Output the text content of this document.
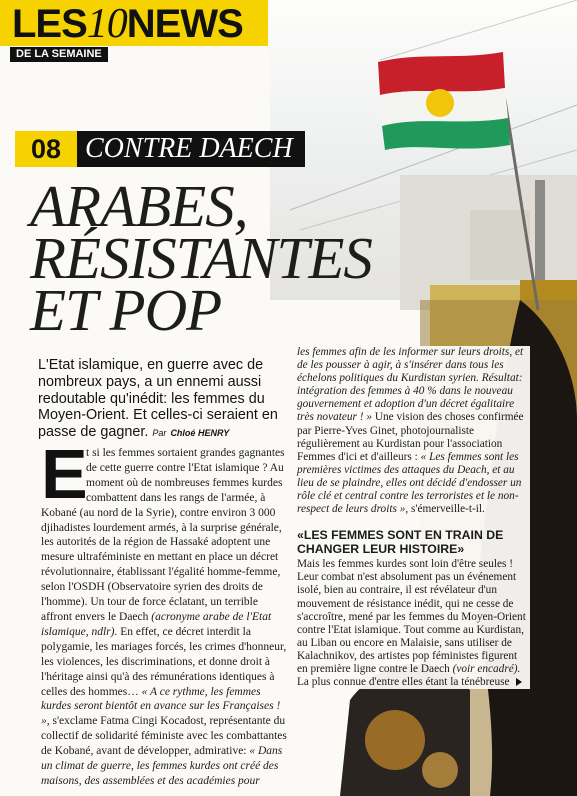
LES10NEWS
DE LA SEMAINE
08 CONTRE DAECH
ARABES,
RÉSISTANTES
ET POP
L'Etat islamique, en guerre avec de nombreux pays, a un ennemi aussi redoutable qu'inédit: les femmes du Moyen-Orient. Et celles-ci seraient en passe de gagner. Par Chloé HENRY
E

t si les femmes sortaient grandes gagnantes de cette guerre contre l'Etat islamique ? Au moment où de nombreuses femmes kurdes combattent dans les rangs de l'armée, à Kobané (au nord de la Syrie), contre environ 3 000 djihadistes lourdement armés, à la surprise générale, les autorités de la région de Hassaké adoptent une mesure ultraféministe en mettant en place un décret révolutionnaire, établissant l'égalité homme-femme, selon l'OSDH (Observatoire syrien des droits de l'homme). Un tour de force éclatant, un terrible affront envers le Daech (acronyme arabe de l'Etat islamique, ndlr). En effet, ce décret interdit la polygamie, les mariages forcés, les crimes d'honneur, les violences, les discriminations, et donne droit à l'héritage ainsi qu'à des rémunérations identiques à celles des hommes… « A ce rythme, les femmes kurdes seront bientôt en avance sur les Françaises ! », s'exclame Fatma Cingi Kocadost, représentante du collectif de solidarité féministe avec les combattantes de Kobané, avant de développer, admirative: « Dans un climat de guerre, les femmes kurdes ont créé des maisons, des assemblées et des académies pour

les femmes afin de les informer sur leurs droits, et de les pousser à agir, à s'insérer dans tous les échelons politiques du Kurdistan syrien. Résultat: intégration des femmes à 40 % dans le nouveau gouvernement et adoption d'un décret égalitaire très novateur ! » Une vision des choses confirmée par Pierre-Yves Ginet, photojournaliste régulièrement au Kurdistan pour l'association Femmes d'ici et d'ailleurs : « Les femmes sont les premières victimes des attaques du Deach, et au lieu de se plaindre, elles ont décidé d'endosser un rôle clé et central contre les terroristes et le non-respect de leurs droits », s'émerveille-t-il.

«LES FEMMES SONT EN TRAIN DE CHANGER LEUR HISTOIRE»

Mais les femmes kurdes sont loin d'être seules ! Leur combat n'est absolument pas un événement isolé, bien au contraire, il est révélateur d'un mouvement de résistance inédit, qui ne cesse de s'accroître, mené par les femmes du Moyen-Orient contre l'Etat islamique. Tout comme au Kurdistan, au Liban ou encore en Malaisie, sans utiliser de Kalachnikov, des artistes pop féministes figurent en première ligne contre le Daech (voir encadré). La plus connue d'entre elles étant la ténébreuse
